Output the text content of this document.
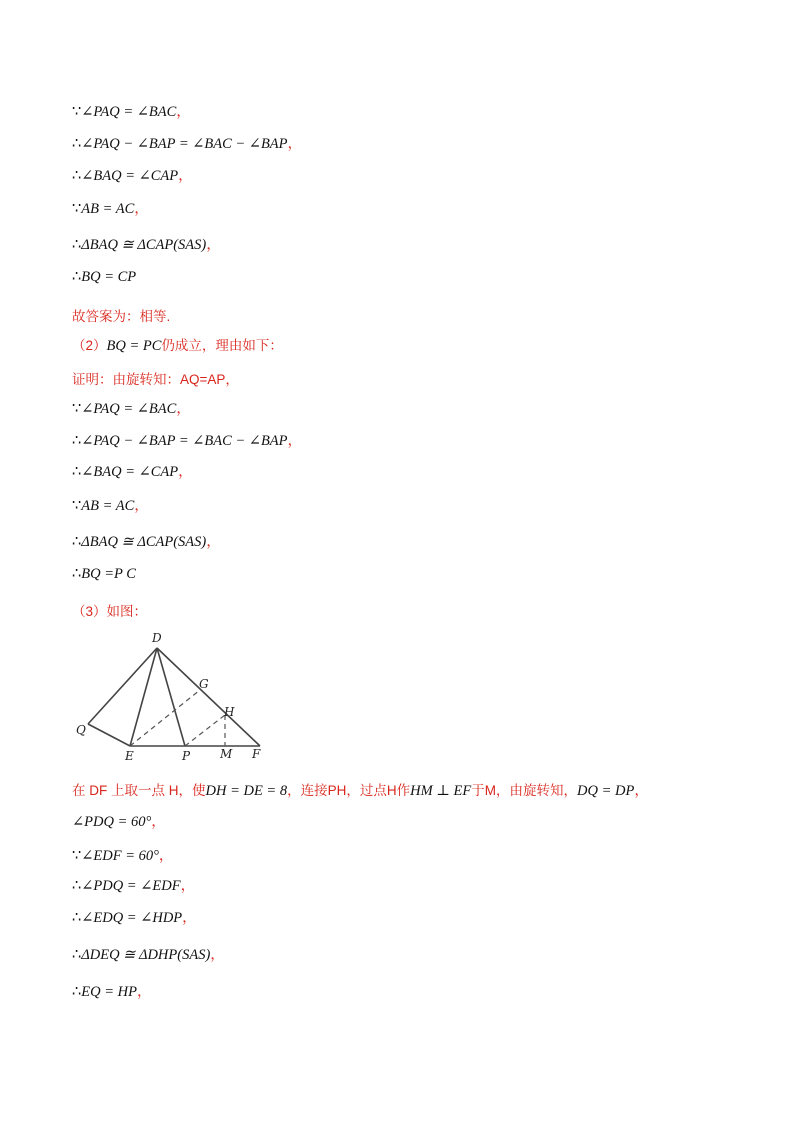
∵∠PAQ = ∠BAC，
∴∠PAQ − ∠BAP = ∠BAC − ∠BAP，
∴∠BAQ = ∠CAP，
∵AB = AC，
∴ΔBAQ ≅ ΔCAP(SAS)，
∴BQ = CP
故答案为：相等.
（2）BQ = PC仍成立，理由如下：
证明：由旋转知：AQ=AP，
∵∠PAQ = ∠BAC，
∴∠PAQ − ∠BAP = ∠BAC − ∠BAP，
∴∠BAQ = ∠CAP，
∵AB = AC，
∴ΔBAQ ≅ ΔCAP(SAS)，
∴BQ =P C
（3）如图：
D
G
H
Q
E	P M F
在 DF 上取一点 H，使DH = DE = 8，连接PH，过点H作HM ⊥ EF于M，由旋转知，DQ = DP，
∠PDQ = 60°，
∵∠EDF = 60°，
∴∠PDQ = ∠EDF，
∴∠EDQ = ∠HDP，
∴ΔDEQ ≅ ΔDHP(SAS)，
∴EQ = HP，
